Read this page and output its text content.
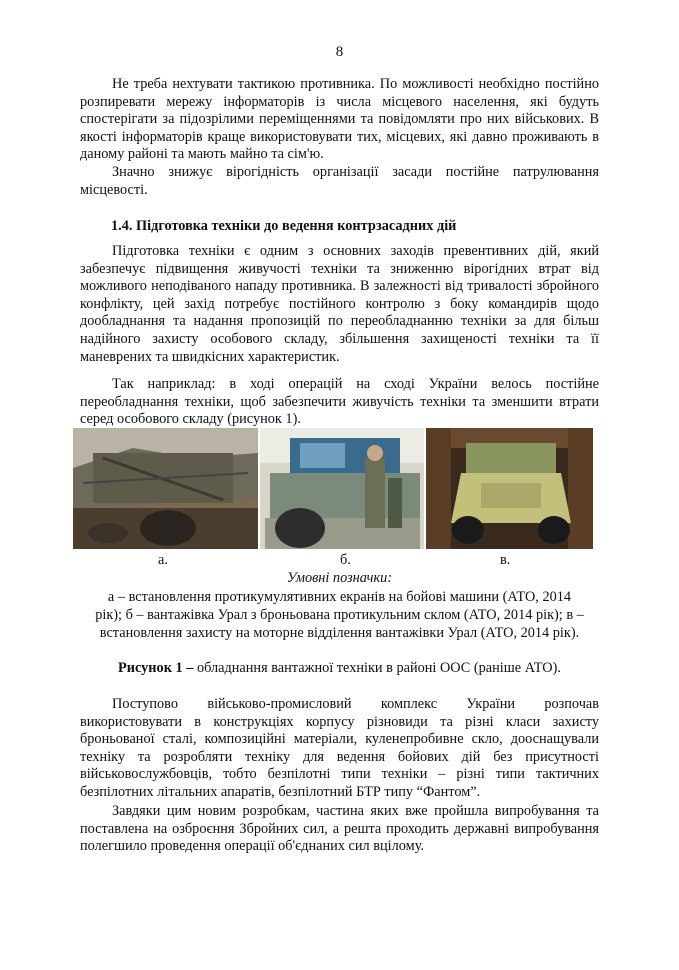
8

Не треба нехтувати тактикою противника. По можливості необхідно постійно розпиревати мережу інформаторів із числа місцевого населення, які будуть спостерігати за підозрілими переміщеннями та повідомляти про них військових. В якості інформаторів краще використовувати тих, місцевих, які давно проживають в даному районі та мають майно та сім'ю.

Значно знижує вірогідність організації засади постійне патрулювання місцевості.

1.4. Підготовка техніки до ведення контрзасадних дій

Підготовка техніки є одним з основних заходів превентивних дій, який забезпечує підвищення живучості техніки та зниженню вірогідних втрат від можливого неподіваного нападу противника. В залежності від тривалості збройного конфлікту, цей захід потребує постійного контролю з боку командирів щодо дообладнання та надання пропозицій по переобладнанню техніки за для більш надійного захисту особового складу, збільшення захищеності техніки та її маневрених та швидкісних характеристик.

Так наприклад: в ході операцій на сході України велось постійне переобладнання техніки, щоб забезпечити живучість техніки та зменшити втрати серед особового складу (рисунок 1).

а.	б.	в.
Умовні позначки:

а – встановлення протикумулятивних екранів на бойові машини (АТО, 2014 рік); б – вантажівка Урал з броньована протикульним склом (АТО, 2014 рік); в – встановлення захисту на моторне відділення вантажівки Урал (АТО, 2014 рік).

Рисунок 1 – обладнання вантажної техніки в районі ООС (раніше АТО).

Поступово військово-промисловий комплекс України розпочав використовувати в конструкціях корпусу різновиди та різні класи захисту броньованої сталі, композиційні матеріали, куленепробивне скло, дооснащували техніку та розробляти техніку для ведення бойових дій без присутності військовослужбовців, тобто безпілотні типи техніки – різні типи тактичних безпілотних літальних апаратів, безпілотний БТР типу “Фантом”.

Завдяки цим новим розробкам, частина яких вже пройшла випробування та поставлена на озброєння Збройних сил, а решта проходить державні випробування полегшило проведення операції об'єднаних сил вцілому.
